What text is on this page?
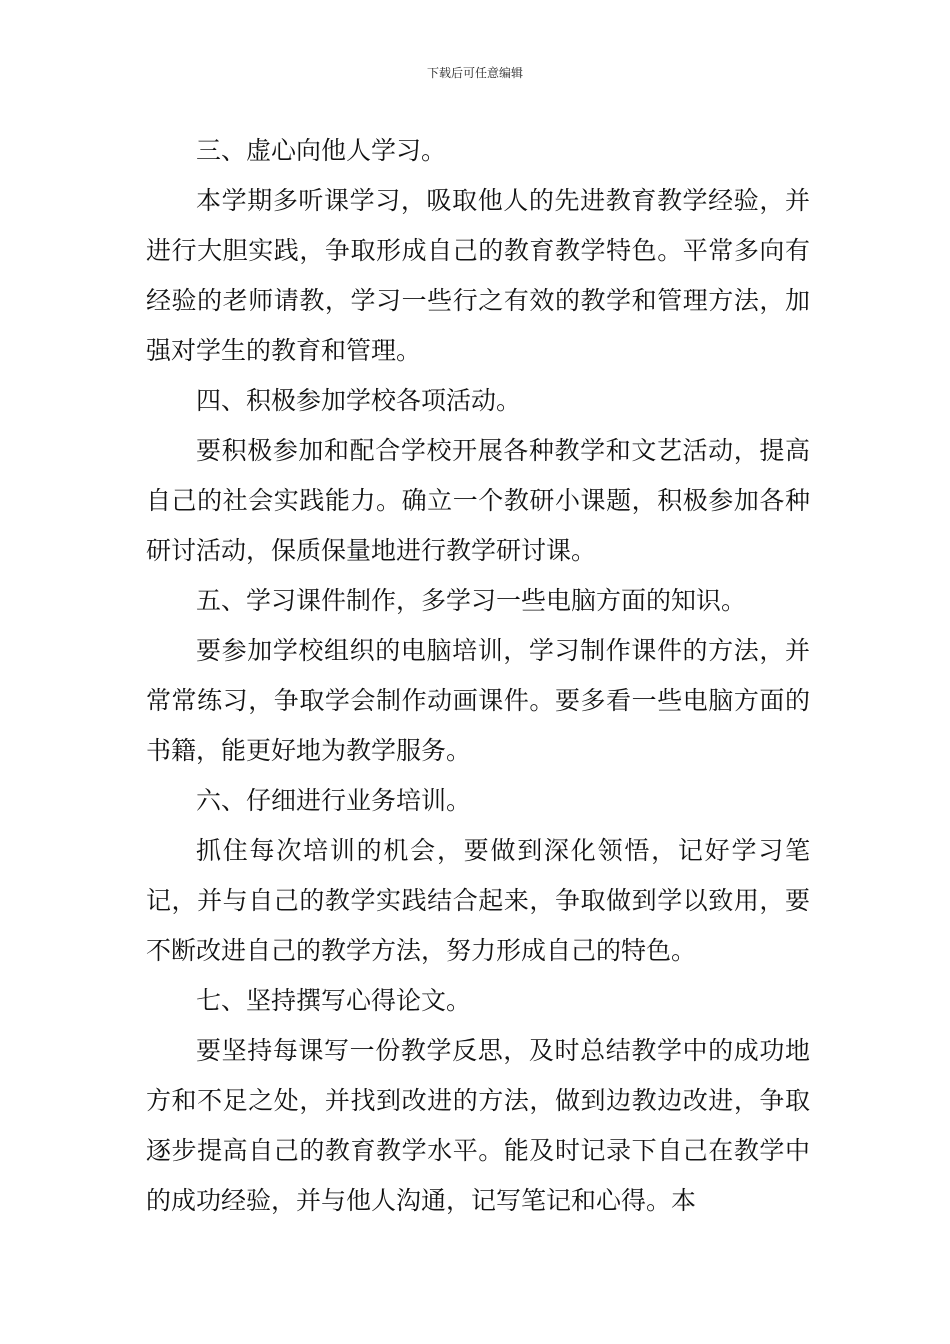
下载后可任意编辑

三、虚心向他人学习。

本学期多听课学习，吸取他人的先进教育教学经验，并进行大胆实践，争取形成自己的教育教学特色。平常多向有经验的老师请教，学习一些行之有效的教学和管理方法，加强对学生的教育和管理。

四、积极参加学校各项活动。

要积极参加和配合学校开展各种教学和文艺活动，提高自己的社会实践能力。确立一个教研小课题，积极参加各种研讨活动，保质保量地进行教学研讨课。

五、学习课件制作，多学习一些电脑方面的知识。

要参加学校组织的电脑培训，学习制作课件的方法，并常常练习，争取学会制作动画课件。要多看一些电脑方面的书籍，能更好地为教学服务。

六、仔细进行业务培训。

抓住每次培训的机会，要做到深化领悟，记好学习笔记，并与自己的教学实践结合起来，争取做到学以致用，要不断改进自己的教学方法，努力形成自己的特色。

七、坚持撰写心得论文。

要坚持每课写一份教学反思，及时总结教学中的成功地方和不足之处，并找到改进的方法，做到边教边改进，争取逐步提高自己的教育教学水平。能及时记录下自己在教学中的成功经验，并与他人沟通，记写笔记和心得。本
